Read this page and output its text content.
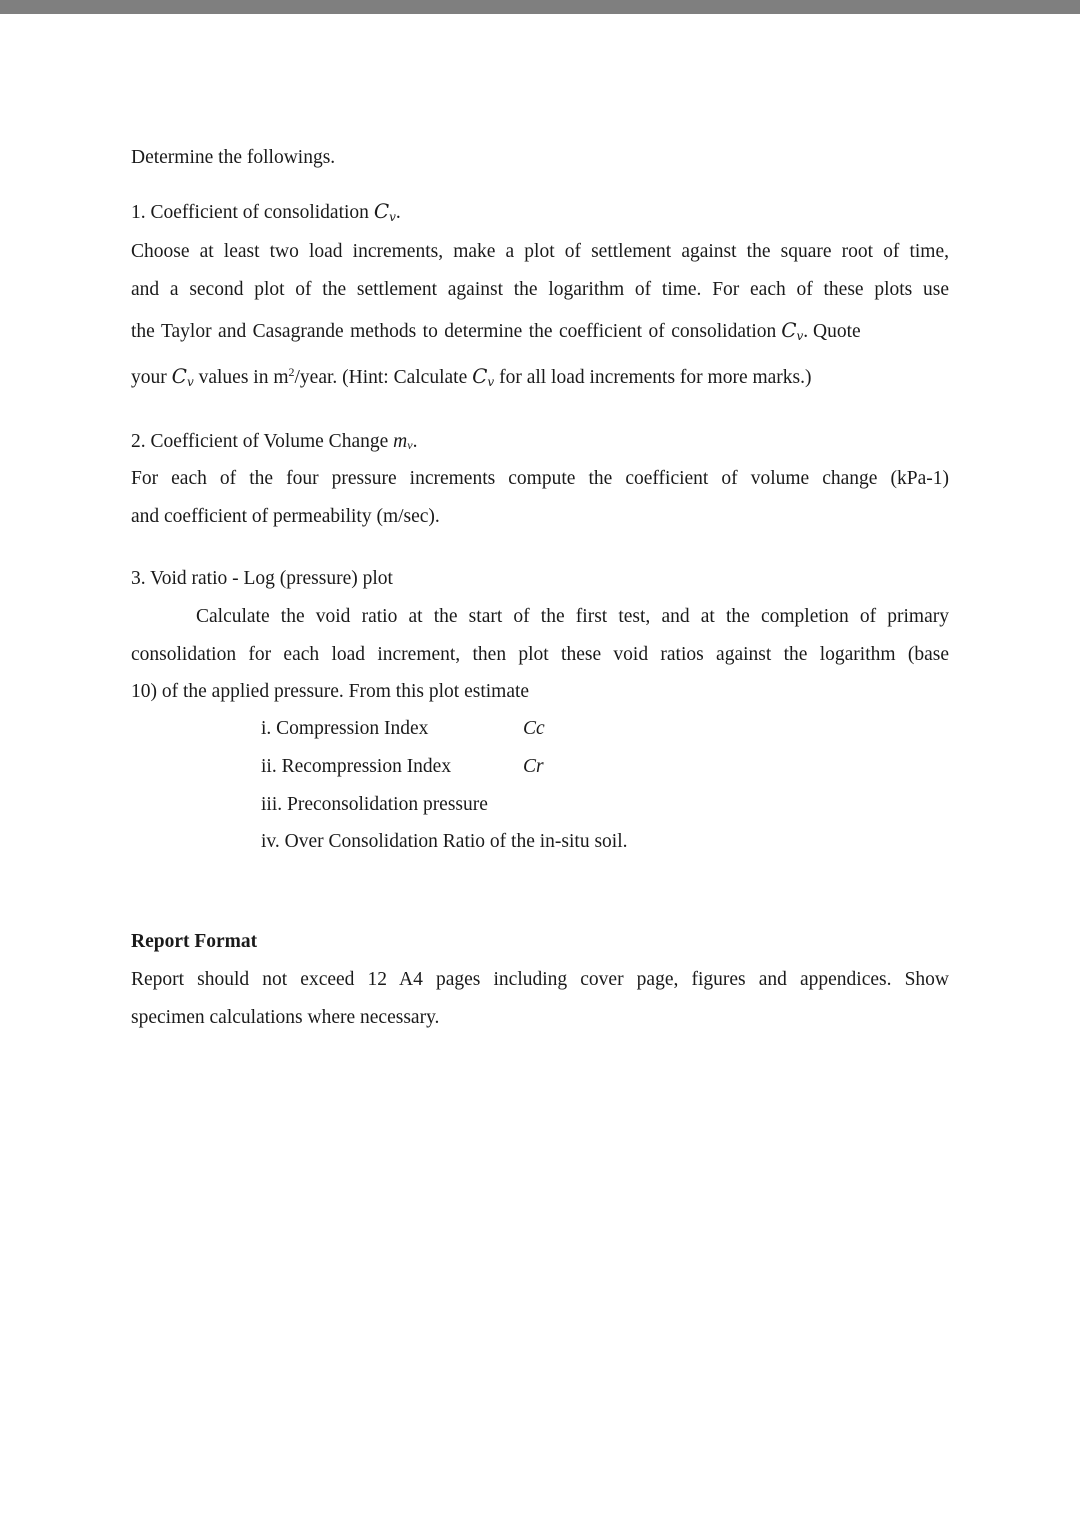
Determine the followings.
1. Coefficient of consolidation $C_v$.
Choose at least two load increments, make a plot of settlement against the square root of time,
and a second plot of the settlement against the logarithm of time. For each of these plots use
the Taylor and Casagrande methods to determine the coefficient of consolidation $C_v$. Quote
your $C_v$ values in $m^2$/year. (Hint: Calculate $C_v$ for all load increments for more marks.)
2. Coefficient of Volume Change $m_v$.
For each of the four pressure increments compute the coefficient of volume change (kPa-1)
and coefficient of permeability (m/sec).
3. Void ratio - Log (pressure) plot
Calculate the void ratio at the start of the first test, and at the completion of primary
consolidation for each load increment, then plot these void ratios against the logarithm (base
10) of the applied pressure. From this plot estimate
i. Compression Index	Cc
ii. Recompression Index	Cr
iii. Preconsolidation pressure
iv. Over Consolidation Ratio of the in-situ soil.
Report Format
Report should not exceed 12 A4 pages including cover page, figures and appendices. Show
specimen calculations where necessary.
